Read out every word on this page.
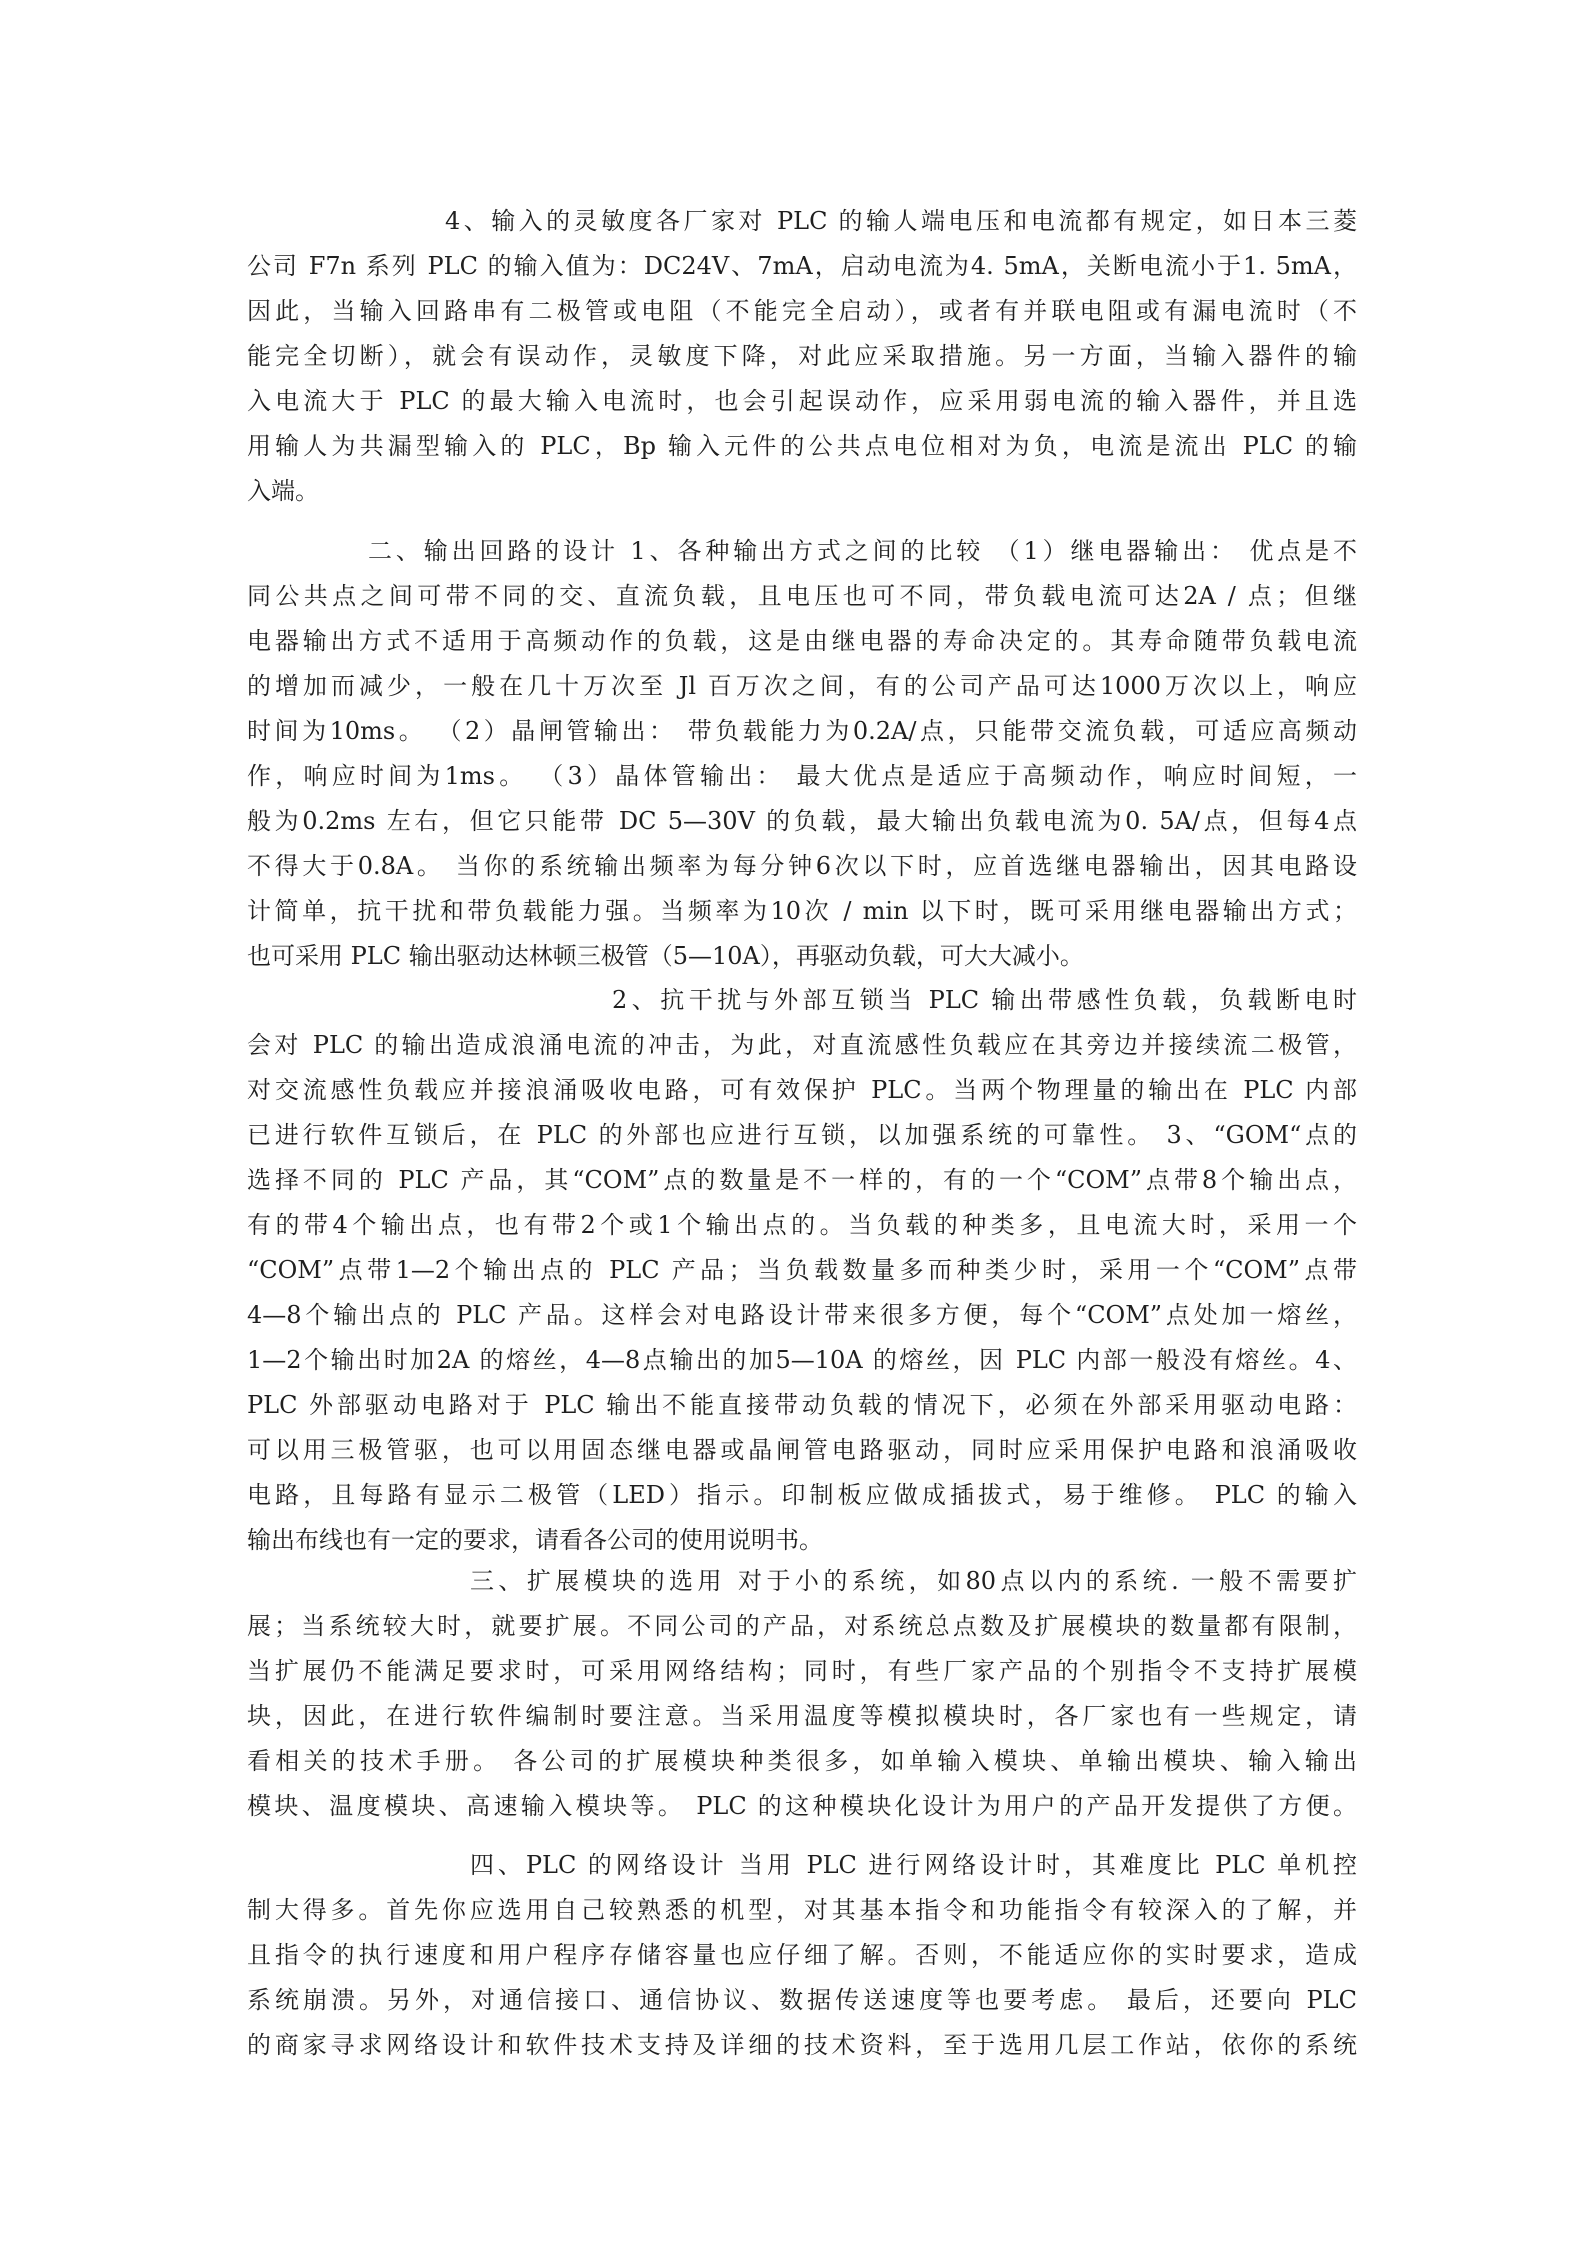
4、输入的灵敏度各厂家对 PLC 的输人端电压和电流都有规定，如日本三菱
公司 F7n 系列 PLC 的输入值为：DC24V、7mA，启动电流为4. 5mA，关断电流小于1. 5mA，
因此，当输入回路串有二极管或电阻（不能完全启动），或者有并联电阻或有漏电流时（不
能完全切断），就会有误动作，灵敏度下降，对此应采取措施。另一方面，当输入器件的输
入电流大于 PLC 的最大输入电流时，也会引起误动作，应采用弱电流的输入器件，并且选
用输人为共漏型输入的 PLC，Bp 输入元件的公共点电位相对为负，电流是流出 PLC 的输
入端。
二、输出回路的设计 1、各种输出方式之间的比较 （1）继电器输出： 优点是不
同公共点之间可带不同的交、直流负载，且电压也可不同，带负载电流可达2A / 点；但继
电器输出方式不适用于高频动作的负载，这是由继电器的寿命决定的。其寿命随带负载电流
的增加而减少，一般在几十万次至 Jl 百万次之间，有的公司产品可达1000万次以上，响应
时间为10ms。 （2）晶闸管输出： 带负载能力为0.2A/点，只能带交流负载，可适应高频动
作，响应时间为1ms。 （3）晶体管输出： 最大优点是适应于高频动作，响应时间短，一
般为0.2ms 左右，但它只能带 DC 5—30V 的负载，最大输出负载电流为0. 5A/点，但每4点
不得大于0.8A。 当你的系统输出频率为每分钟6次以下时，应首选继电器输出，因其电路设
计简单，抗干扰和带负载能力强。当频率为10次 / min 以下时，既可采用继电器输出方式；
也可采用 PLC 输出驱动达林顿三极管（5—10A），再驱动负载，可大大减小。
2、抗干扰与外部互锁当 PLC 输出带感性负载，负载断电时
会对 PLC 的输出造成浪涌电流的冲击，为此，对直流感性负载应在其旁边并接续流二极管，
对交流感性负载应并接浪涌吸收电路，可有效保护 PLC。当两个物理量的输出在 PLC 内部
已进行软件互锁后，在 PLC 的外部也应进行互锁，以加强系统的可靠性。 3、“GOM“点的
选择不同的 PLC 产品，其“COM”点的数量是不一样的，有的一个“COM”点带8个输出点，
有的带4个输出点，也有带2个或1个输出点的。当负载的种类多，且电流大时，采用一个
“COM”点带1—2个输出点的 PLC 产品；当负载数量多而种类少时，采用一个“COM”点带
4—8个输出点的 PLC 产品。这样会对电路设计带来很多方便，每个“COM”点处加一熔丝，
1—2个输出时加2A 的熔丝，4—8点输出的加5—10A 的熔丝，因 PLC 内部一般没有熔丝。4、
PLC 外部驱动电路对于 PLC 输出不能直接带动负载的情况下，必须在外部采用驱动电路：
可以用三极管驱，也可以用固态继电器或晶闸管电路驱动，同时应采用保护电路和浪涌吸收
电路，且每路有显示二极管（LED）指示。印制板应做成插拔式，易于维修。 PLC 的输入
输出布线也有一定的要求，请看各公司的使用说明书。
三、扩展模块的选用 对于小的系统，如80点以内的系统. 一般不需要扩
展；当系统较大时，就要扩展。不同公司的产品，对系统总点数及扩展模块的数量都有限制，
当扩展仍不能满足要求时，可采用网络结构；同时，有些厂家产品的个别指令不支持扩展模
块，因此，在进行软件编制时要注意。当采用温度等模拟模块时，各厂家也有一些规定，请
看相关的技术手册。 各公司的扩展模块种类很多，如单输入模块、单输出模块、输入输出
模块、温度模块、高速输入模块等。 PLC 的这种模块化设计为用户的产品开发提供了方便。
四、PLC 的网络设计 当用 PLC 进行网络设计时，其难度比 PLC 单机控
制大得多。首先你应选用自己较熟悉的机型，对其基本指令和功能指令有较深入的了解，并
且指令的执行速度和用户程序存储容量也应仔细了解。否则，不能适应你的实时要求，造成
系统崩溃。另外，对通信接口、通信协议、数据传送速度等也要考虑。 最后，还要向 PLC
的商家寻求网络设计和软件技术支持及详细的技术资料，至于选用几层工作站，依你的系统
